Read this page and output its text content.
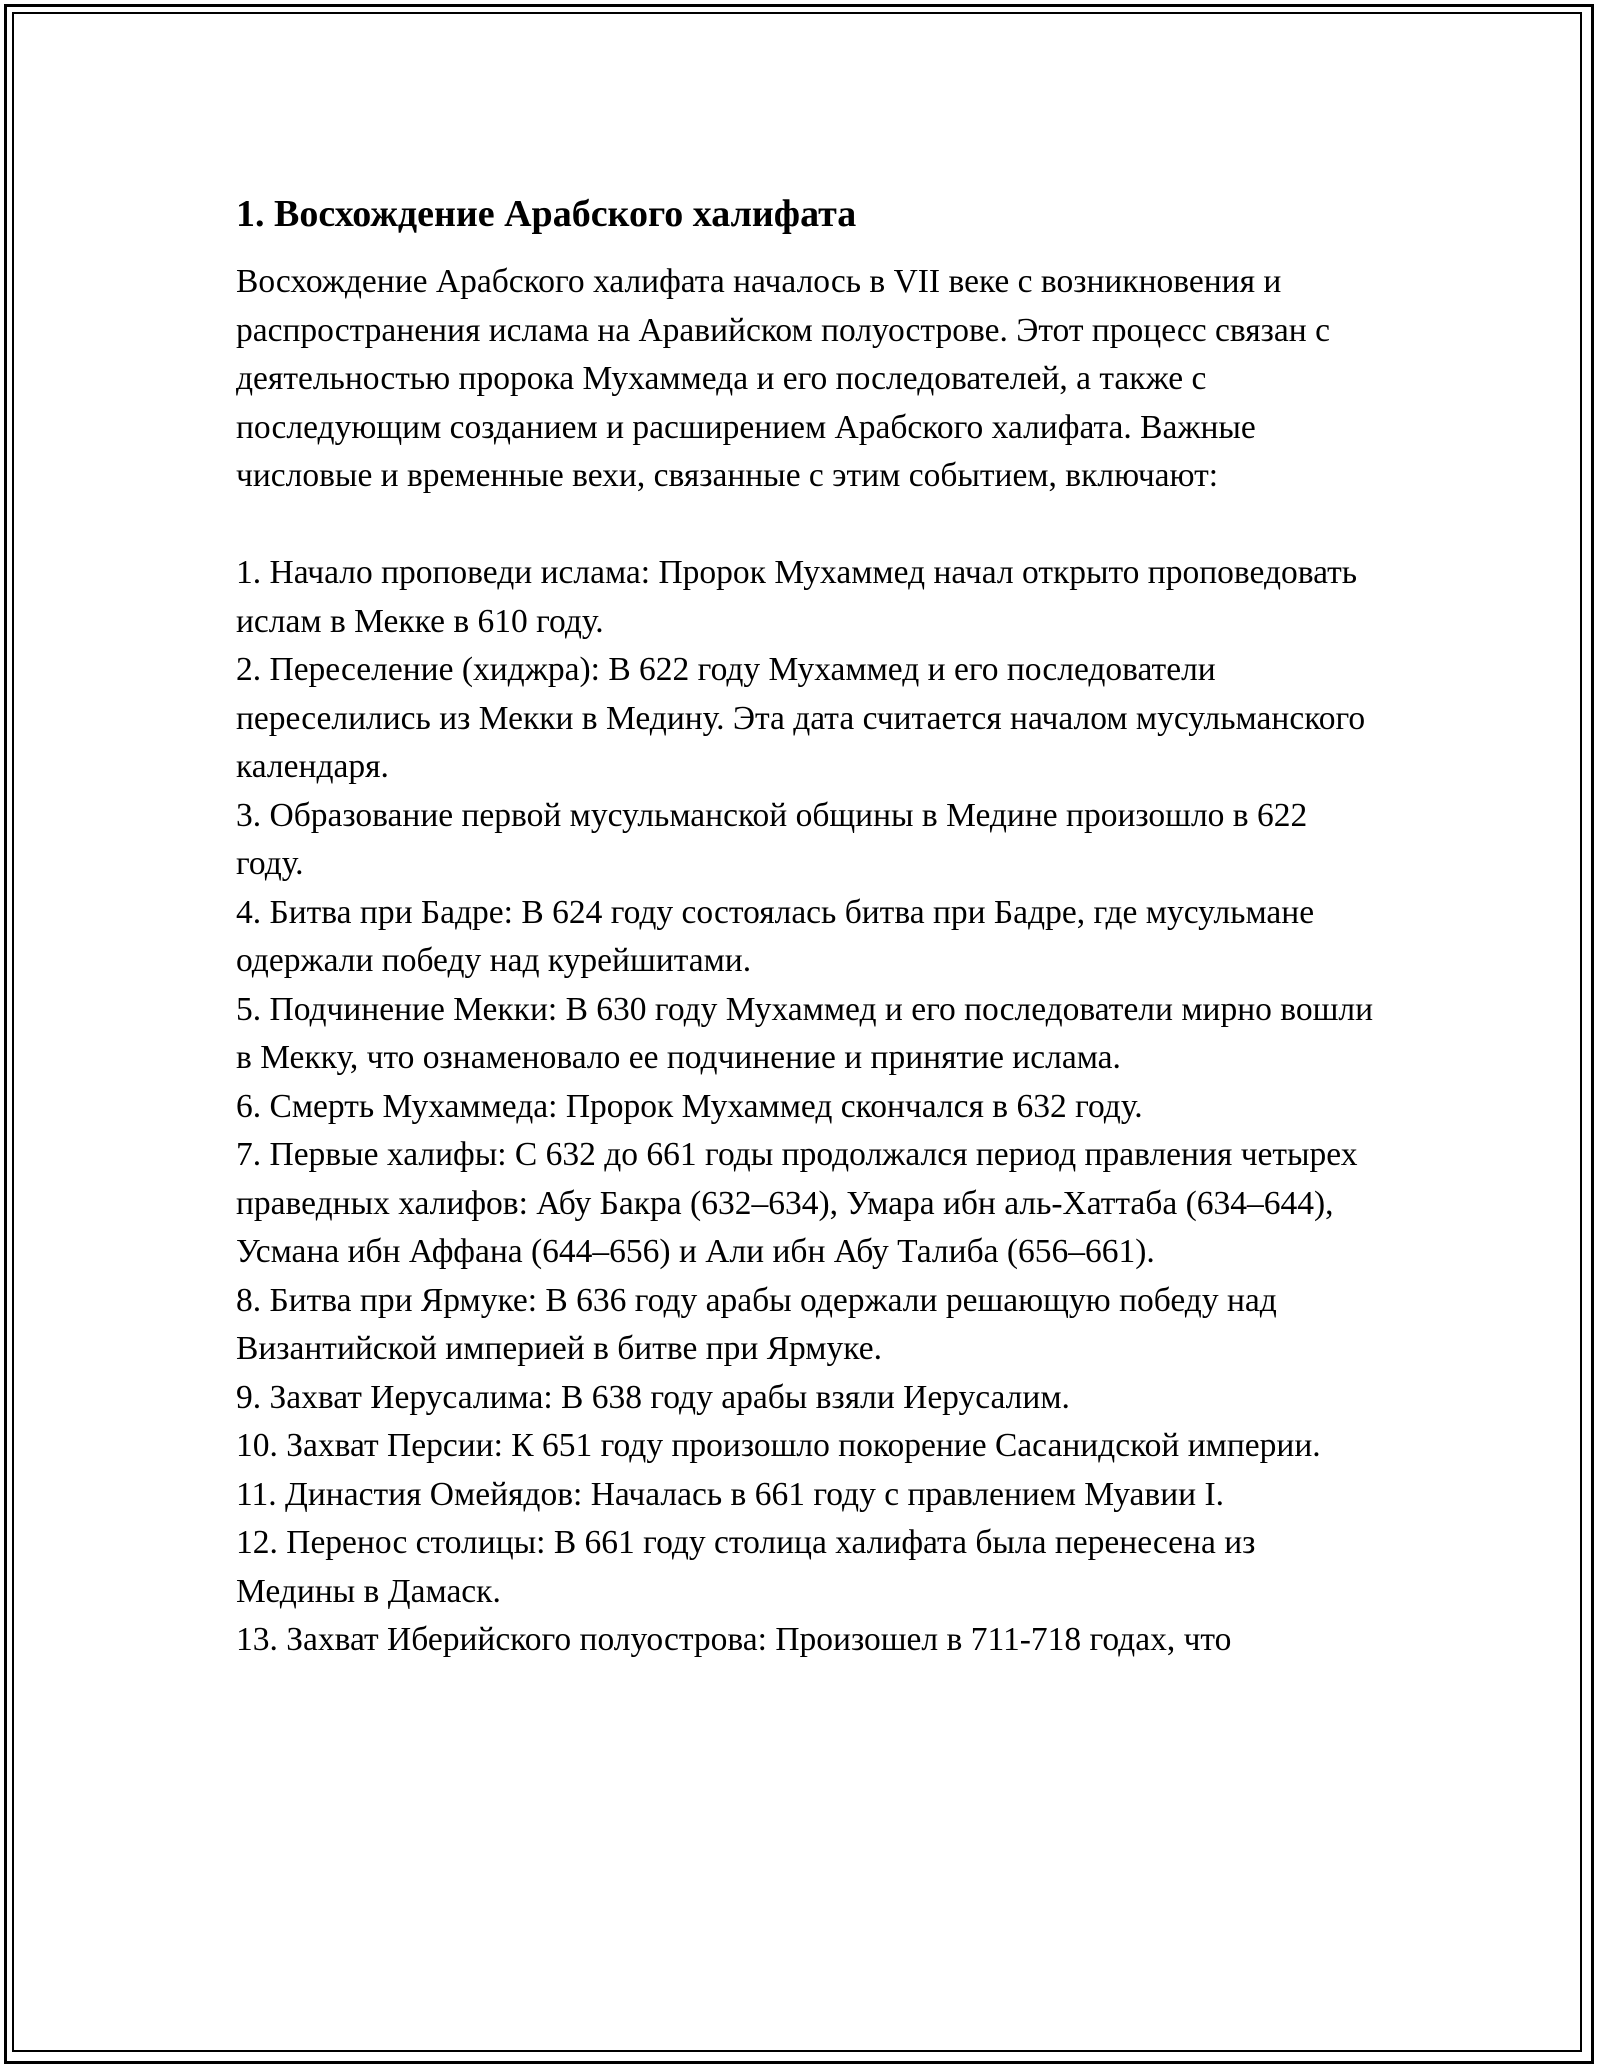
1. Восхождение Арабского халифата

Восхождение Арабского халифата началось в VII веке с возникновения и распространения ислама на Аравийском полуострове. Этот процесс связан с деятельностью пророка Мухаммеда и его последователей, а также с последующим созданием и расширением Арабского халифата. Важные числовые и временные вехи, связанные с этим событием, включают:

1. Начало проповеди ислама: Пророк Мухаммед начал открыто проповедовать ислам в Мекке в 610 году.

2. Переселение (хиджра): В 622 году Мухаммед и его последователи переселились из Мекки в Медину. Эта дата считается началом мусульманского календаря.

3. Образование первой мусульманской общины в Медине произошло в 622 году.

4. Битва при Бадре: В 624 году состоялась битва при Бадре, где мусульмане одержали победу над курейшитами.

5. Подчинение Мекки: В 630 году Мухаммед и его последователи мирно вошли в Мекку, что ознаменовало ее подчинение и принятие ислама.

6. Смерть Мухаммеда: Пророк Мухаммед скончался в 632 году.

7. Первые халифы: С 632 до 661 годы продолжался период правления четырех праведных халифов: Абу Бакра (632–634), Умара ибн аль-Хаттаба (634–644), Усмана ибн Аффана (644–656) и Али ибн Абу Талиба (656–661).

8. Битва при Ярмуке: В 636 году арабы одержали решающую победу над Византийской империей в битве при Ярмуке.

9. Захват Иерусалима: В 638 году арабы взяли Иерусалим.

10. Захват Персии: К 651 году произошло покорение Сасанидской империи.

11. Династия Омейядов: Началась в 661 году с правлением Муавии I.

12. Перенос столицы: В 661 году столица халифата была перенесена из Медины в Дамаск.

13. Захват Иберийского полуострова: Произошел в 711-718 годах, что
